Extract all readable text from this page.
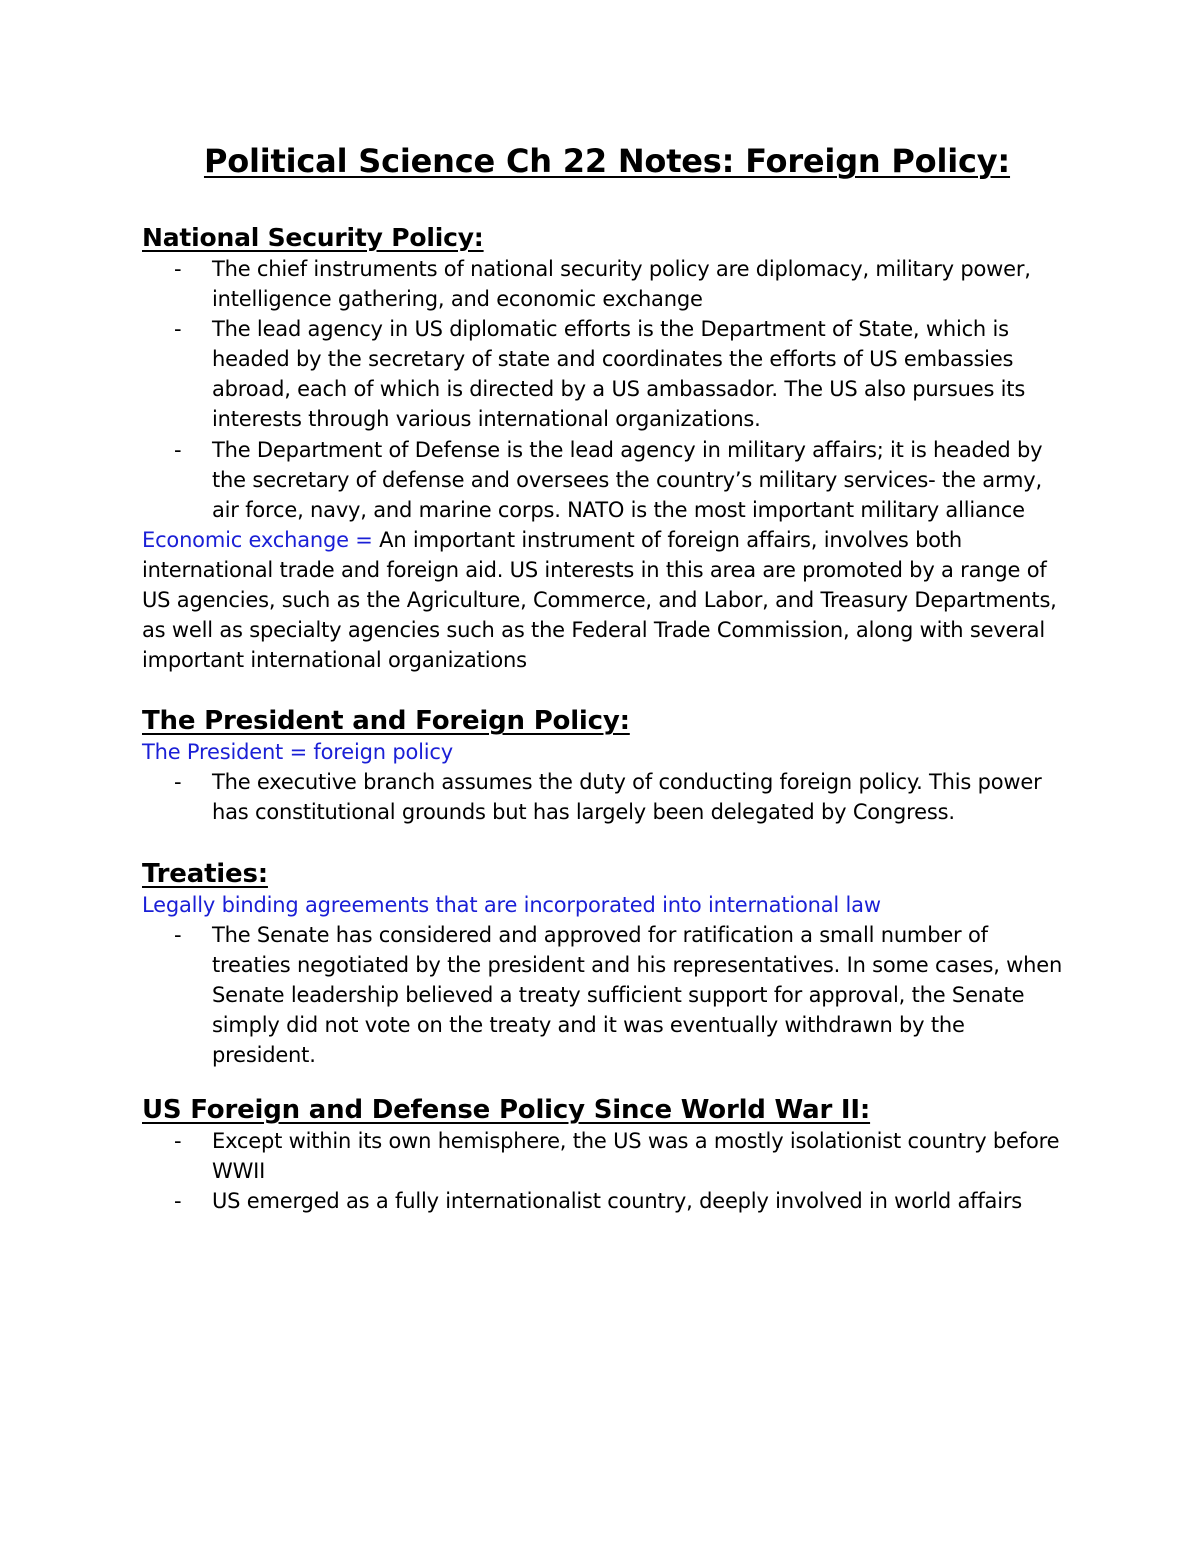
Political Science Ch 22 Notes: Foreign Policy:
National Security Policy:
- The chief instruments of national security policy are diplomacy, military power, intelligence gathering, and economic exchange
- The lead agency in US diplomatic efforts is the Department of State, which is headed by the secretary of state and coordinates the efforts of US embassies abroad, each of which is directed by a US ambassador. The US also pursues its interests through various international organizations.
- The Department of Defense is the lead agency in military affairs; it is headed by the secretary of defense and oversees the country’s military services- the army, air force, navy, and marine corps. NATO is the most important military alliance

Economic exchange = An important instrument of foreign affairs, involves both international trade and foreign aid. US interests in this area are promoted by a range of US agencies, such as the Agriculture, Commerce, and Labor, and Treasury Departments, as well as specialty agencies such as the Federal Trade Commission, along with several important international organizations

The President and Foreign Policy:

The President = foreign policy

- The executive branch assumes the duty of conducting foreign policy. This power has constitutional grounds but has largely been delegated by Congress.
Treaties:

Legally binding agreements that are incorporated into international law

- The Senate has considered and approved for ratification a small number of treaties negotiated by the president and his representatives. In some cases, when Senate leadership believed a treaty sufficient support for approval, the Senate simply did not vote on the treaty and it was eventually withdrawn by the president.
US Foreign and Defense Policy Since World War II:
- Except within its own hemisphere, the US was a mostly isolationist country before WWII
- US emerged as a fully internationalist country, deeply involved in world affairs
